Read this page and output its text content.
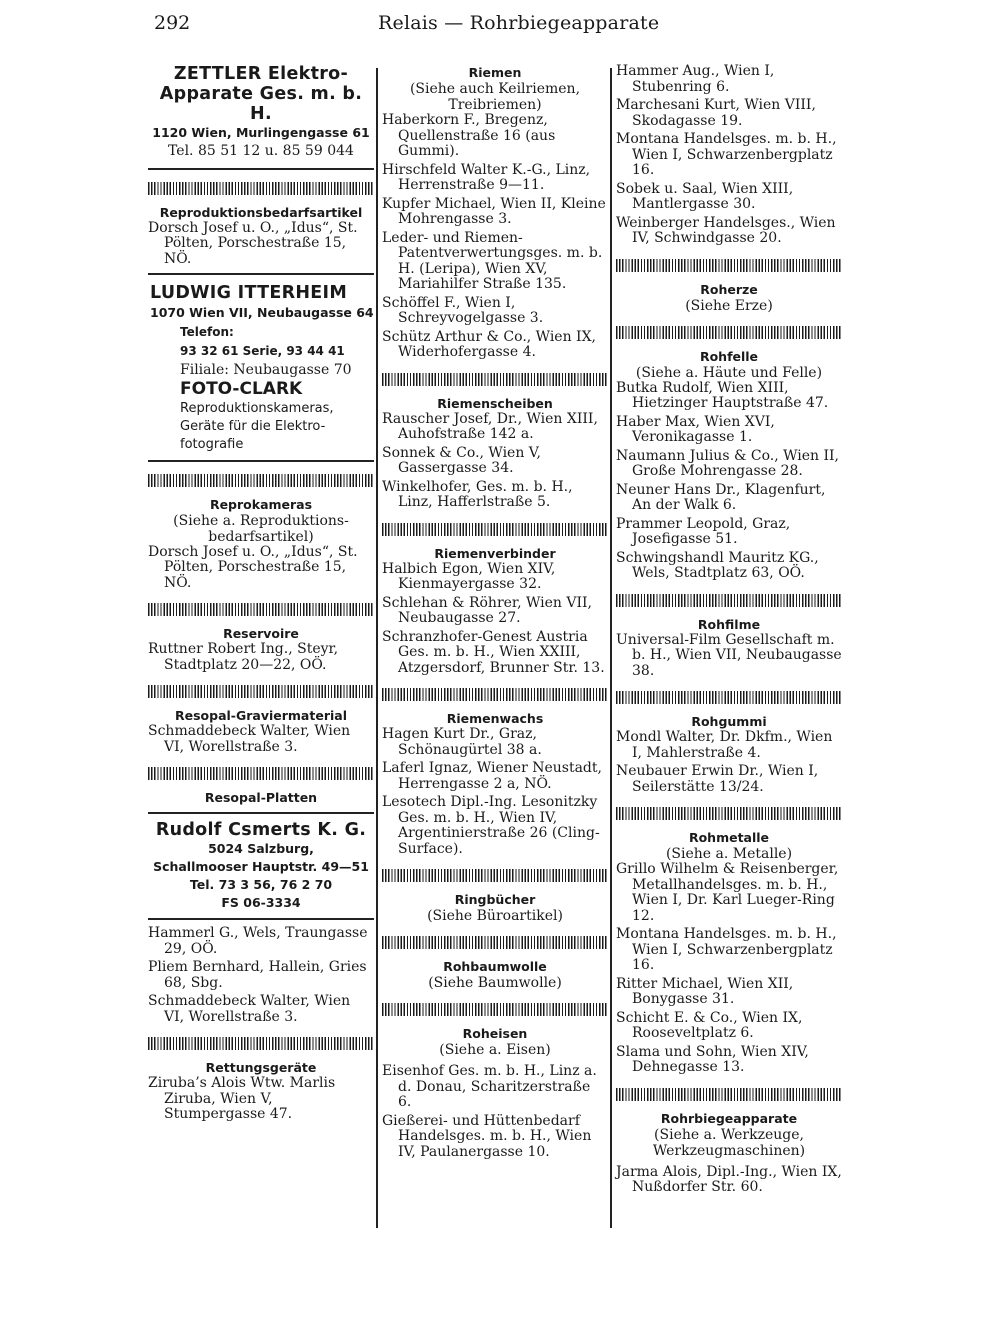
292	Relais — Rohrbiegeapparate
ZETTLER Elektro-
Apparate Ges. m. b. H.
1120 Wien, Murlingengasse 61
Tel. 85 51 12 u. 85 59 044
Reproduktionsbedarfsartikel
Dorsch Josef u. O., „Idus“, St. Pölten, Porschestraße 15, NÖ.
LUDWIG ITTERHEIM
1070 Wien VII, Neubaugasse 64
Telefon:
93 32 61 Serie, 93 44 41
Filiale: Neubaugasse 70
FOTO-CLARK
Reproduktionskameras,
Geräte für die Elektro-
fotografie
Reprokameras
(Siehe a. Reproduktions-
bedarfsartikel)
Dorsch Josef u. O., „Idus“, St. Pölten, Porschestraße 15, NÖ.
Reservoire
Ruttner Robert Ing., Steyr, Stadtplatz 20—22, OÖ.
Resopal-Graviermaterial
Schmaddebeck Walter, Wien VI, Worellstraße 3.
Resopal-Platten
Rudolf Csmerts K. G.
5024 Salzburg,
Schallmooser Hauptstr. 49—51
Tel. 73 3 56, 76 2 70
FS 06-3334
Hammerl G., Wels, Traungasse 29, OÖ.
Pliem Bernhard, Hallein, Gries 68, Sbg.
Schmaddebeck Walter, Wien VI, Worellstraße 3.
Rettungsgeräte
Ziruba’s Alois Wtw. Marlis Ziruba, Wien V, Stumpergasse 47.
Riemen
(Siehe auch Keilriemen,
Treibriemen)
Haberkorn F., Bregenz, Quellenstraße 16 (aus Gummi).
Hirschfeld Walter K.-G., Linz, Herrenstraße 9—11.
Kupfer Michael, Wien II, Kleine Mohrengasse 3.
Leder- und Riemen- Patentverwertungsges. m. b. H. (Leripa), Wien XV, Mariahilfer Straße 135.
Schöffel F., Wien I, Schreyvogelgasse 3.
Schütz Arthur & Co., Wien IX, Widerhofergasse 4.
Riemenscheiben
Rauscher Josef, Dr., Wien XIII, Auhofstraße 142 a.
Sonnek & Co., Wien V, Gassergasse 34.
Winkelhofer, Ges. m. b. H., Linz, Hafferlstraße 5.
Riemenverbinder
Halbich Egon, Wien XIV, Kienmayergasse 32.
Schlehan & Röhrer, Wien VII, Neubaugasse 27.
Schranzhofer-Genest Austria Ges. m. b. H., Wien XXIII, Atzgersdorf, Brunner Str. 13.
Riemenwachs
Hagen Kurt Dr., Graz, Schönaugürtel 38 a.
Laferl Ignaz, Wiener Neustadt, Herrengasse 2 a, NÖ.
Lesotech Dipl.-Ing. Lesonitzky Ges. m. b. H., Wien IV, Argentinierstraße 26 (Cling-Surface).
Ringbücher
(Siehe Büroartikel)
Rohbaumwolle
(Siehe Baumwolle)
Roheisen
(Siehe a. Eisen)
Eisenhof Ges. m. b. H., Linz a. d. Donau, Scharitzerstraße 6.
Gießerei- und Hüttenbedarf Handelsges. m. b. H., Wien IV, Paulanergasse 10.
Hammer Aug., Wien I, Stubenring 6.
Marchesani Kurt, Wien VIII, Skodagasse 19.
Montana Handelsges. m. b. H., Wien I, Schwarzenbergplatz 16.
Sobek u. Saal, Wien XIII, Mantlergasse 30.
Weinberger Handelsges., Wien IV, Schwindgasse 20.
Roherze
(Siehe Erze)
Rohfelle
(Siehe a. Häute und Felle)
Butka Rudolf, Wien XIII, Hietzinger Hauptstraße 47.
Haber Max, Wien XVI, Veronikagasse 1.
Naumann Julius & Co., Wien II, Große Mohrengasse 28.
Neuner Hans Dr., Klagenfurt, An der Walk 6.
Prammer Leopold, Graz, Josefigasse 51.
Schwingshandl Mauritz KG., Wels, Stadtplatz 63, OÖ.
Rohfilme
Universal-Film Gesellschaft m. b. H., Wien VII, Neubaugasse 38.
Rohgummi
Mondl Walter, Dr. Dkfm., Wien I, Mahlerstraße 4.
Neubauer Erwin Dr., Wien I, Seilerstätte 13/24.
Rohmetalle
(Siehe a. Metalle)
Grillo Wilhelm & Reisenberger, Metallhandelsges. m. b. H., Wien I, Dr. Karl Lueger-Ring 12.
Montana Handelsges. m. b. H., Wien I, Schwarzenbergplatz 16.
Ritter Michael, Wien XII, Bonygasse 31.
Schicht E. & Co., Wien IX, Rooseveltplatz 6.
Slama und Sohn, Wien XIV, Dehnegasse 13.
Rohrbiegeapparate
(Siehe a. Werkzeuge, Werkzeugmaschinen)
Jarma Alois, Dipl.-Ing., Wien IX, Nußdorfer Str. 60.
